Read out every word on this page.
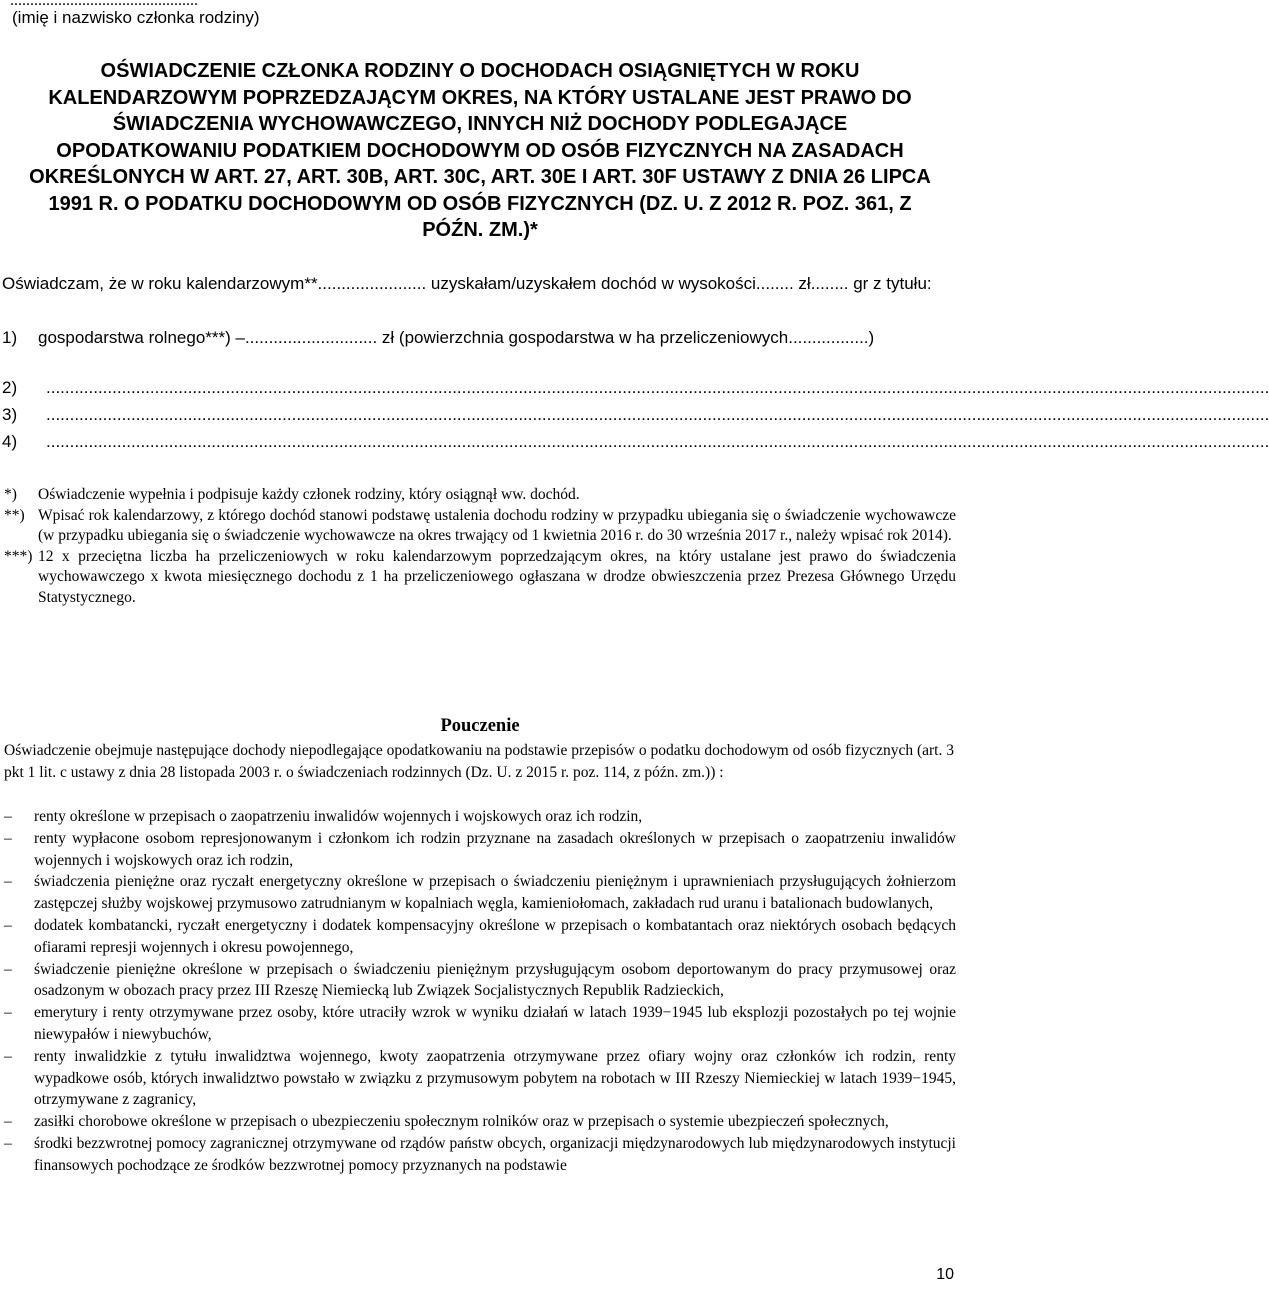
...............................................
(imię i nazwisko członka rodziny)
OŚWIADCZENIE CZŁONKA RODZINY O DOCHODACH OSIĄGNIĘTYCH W ROKU KALENDARZOWYM POPRZEDZAJĄCYM OKRES, NA KTÓRY USTALANE JEST PRAWO DO ŚWIADCZENIA WYCHOWAWCZEGO, INNYCH NIŻ DOCHODY PODLEGAJĄCE OPODATKOWANIU PODATKIEM DOCHODOWYM OD OSÓB FIZYCZNYCH NA ZASADACH OKREŚLONYCH W ART. 27, ART. 30B, ART. 30C, ART. 30E I ART. 30F USTAWY Z DNIA 26 LIPCA 1991 R. O PODATKU DOCHODOWYM OD OSÓB FIZYCZNYCH (DZ. U. Z 2012 R. POZ. 361, Z PÓŹN. ZM.)*
Oświadczam, że w roku kalendarzowym**....................... uzyskałam/uzyskałem dochód w wysokości........ zł........ gr z tytułu:
1) gospodarstwa rolnego***) –............................ zł (powierzchnia gospodarstwa w ha przeliczeniowych.................)
2) ...................................................................................................................................................................................................................................................................
3) ...................................................................................................................................................................................................................................................................
4) ...................................................................................................................................................................................................................................................................
*) Oświadczenie wypełnia i podpisuje każdy członek rodziny, który osiągnął ww. dochód.
**) Wpisać rok kalendarzowy, z którego dochód stanowi podstawę ustalenia dochodu rodziny w przypadku ubiegania się o świadczenie wychowawcze (w przypadku ubiegania się o świadczenie wychowawcze na okres trwający od 1 kwietnia 2016 r. do 30 września 2017 r., należy wpisać rok 2014).
***) 12 x przeciętna liczba ha przeliczeniowych w roku kalendarzowym poprzedzającym okres, na który ustalane jest prawo do świadczenia wychowawczego x kwota miesięcznego dochodu z 1 ha przeliczeniowego ogłaszana w drodze obwieszczenia przez Prezesa Głównego Urzędu Statystycznego.
Pouczenie
Oświadczenie obejmuje następujące dochody niepodlegające opodatkowaniu na podstawie przepisów o podatku dochodowym od osób fizycznych (art. 3 pkt 1 lit. c ustawy z dnia 28 listopada 2003 r. o świadczeniach rodzinnych (Dz. U. z 2015 r. poz. 114, z późn. zm.)) :
– renty określone w przepisach o zaopatrzeniu inwalidów wojennych i wojskowych oraz ich rodzin,
– renty wypłacone osobom represjonowanym i członkom ich rodzin przyznane na zasadach określonych w przepisach o zaopatrzeniu inwalidów wojennych i wojskowych oraz ich rodzin,
– świadczenia pieniężne oraz ryczałt energetyczny określone w przepisach o świadczeniu pieniężnym i uprawnieniach przysługujących żołnierzom zastępczej służby wojskowej przymusowo zatrudnianym w kopalniach węgla, kamieniołomach, zakładach rud uranu i batalionach budowlanych,
– dodatek kombatancki, ryczałt energetyczny i dodatek kompensacyjny określone w przepisach o kombatantach oraz niektórych osobach będących ofiarami represji wojennych i okresu powojennego,
– świadczenie pieniężne określone w przepisach o świadczeniu pieniężnym przysługującym osobom deportowanym do pracy przymusowej oraz osadzonym w obozach pracy przez III Rzeszę Niemiecką lub Związek Socjalistycznych Republik Radzieckich,
– emerytury i renty otrzymywane przez osoby, które utraciły wzrok w wyniku działań w latach 1939−1945 lub eksplozji pozostałych po tej wojnie niewypałów i niewybuchów,
– renty inwalidzkie z tytułu inwalidztwa wojennego, kwoty zaopatrzenia otrzymywane przez ofiary wojny oraz członków ich rodzin, renty wypadkowe osób, których inwalidztwo powstało w związku z przymusowym pobytem na robotach w III Rzeszy Niemieckiej w latach 1939−1945, otrzymywane z zagranicy,
– zasiłki chorobowe określone w przepisach o ubezpieczeniu społecznym rolników oraz w przepisach o systemie ubezpieczeń społecznych,
– środki bezzwrotnej pomocy zagranicznej otrzymywane od rządów państw obcych, organizacji międzynarodowych lub międzynarodowych instytucji finansowych pochodzące ze środków bezzwrotnej pomocy przyznanych na podstawie
10
